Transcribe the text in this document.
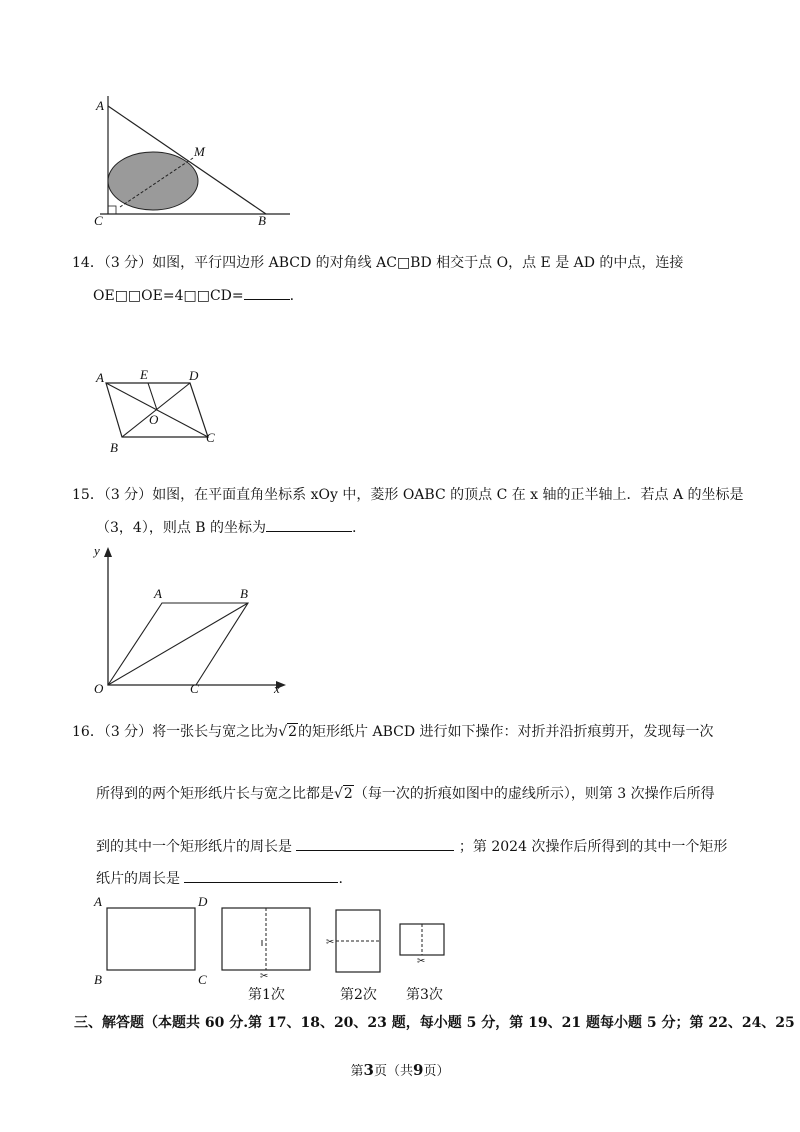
A
M
C	B
14．（3 分）如图，平行四边形 ABCD 的对角线 AC□BD 相交于点 O，点 E 是 AD 的中点，连接
OE□□OE=4□□CD=	.
A	E	D
O
B
C
15．（3 分）如图，在平面直角坐标系 xOy 中，菱形 OABC 的顶点 C 在 x 轴的正半轴上．若点 A 的坐标是
（3，4），则点 B 的坐标为	.
y
x
O
A	B
C
16．（3 分）将一张长与宽之比为√2的矩形纸片 ABCD 进行如下操作：对折并沿折痕剪开，发现每一次
所得到的两个矩形纸片长与宽之比都是√2（每一次的折痕如图中的虚线所示），则第 3 次操作后所得
到的其中一个矩形纸片的周长是	；第 2024 次操作后所得到的其中一个矩形
纸片的周长是	.
✂
✂
✂
A	D
B	C
第1次	第2次 第3次
三、解答题（本题共 60 分.第 17、18、20、23 题，每小题 5 分，第 19、21 题每小题 5 分；第 22、24、25
第3页（共9页）
